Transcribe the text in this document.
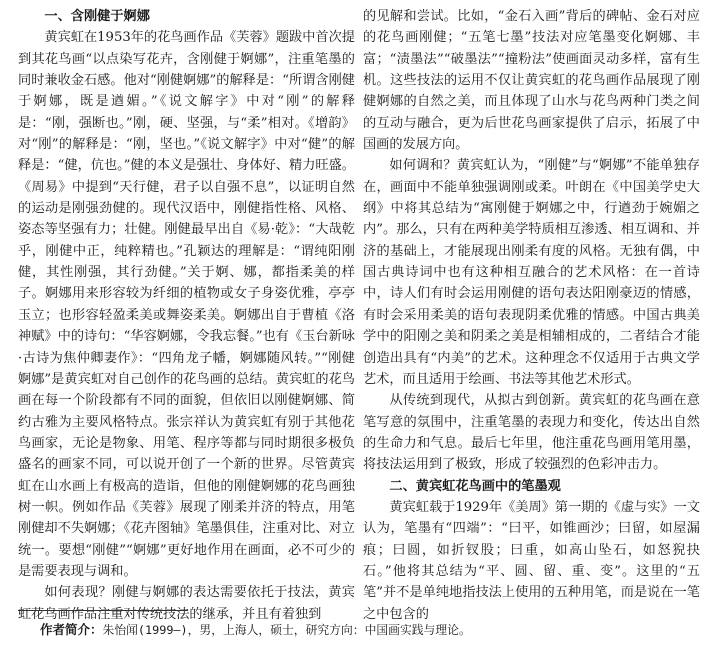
一、含刚健于婀娜

黄宾虹在1953年的花鸟画作品《芙蓉》题跋中首次提到其花鸟画“以点染写花卉，含刚健于婀娜”，注重笔墨的同时兼收金石感。他对“刚健婀娜”的解释是：“所谓含刚健于婀娜，既是遒媚。”《说文解字》中对“刚”的解释是：“刚，强断也。”刚，硬、坚强，与“柔”相对。《增韵》对“刚”的解释是：“刚，坚也。”《说文解字》中对“健”的解释是：“健，伉也。”健的本义是强壮、身体好、精力旺盛。《周易》中提到“天行健，君子以自强不息”，以证明自然的运动是刚强劲健的。现代汉语中，刚健指性格、风格、姿态等坚强有力；壮健。刚健最早出自《易·乾》：“大哉乾乎，刚健中正，纯粹精也。”孔颖达的理解是：“谓纯阳刚健，其性刚强，其行劲健。”关于婀、娜，都指柔美的样子。婀娜用来形容较为纤细的植物或女子身姿优雅，亭亭玉立；也形容轻盈柔美或舞姿柔美。婀娜出自于曹植《洛神赋》中的诗句：“华容婀娜，令我忘餐。”也有《玉台新咏·古诗为焦仲卿妻作》：“四角龙子幡，婀娜随风转。”“刚健婀娜”是黄宾虹对自己创作的花鸟画的总结。黄宾虹的花鸟画在每一个阶段都有不同的面貌，但依旧以刚健婀娜、简约古雅为主要风格特点。张宗祥认为黄宾虹有别于其他花鸟画家，无论是物象、用笔、程序等都与同时期很多极负盛名的画家不同，可以说开创了一个新的世界。尽管黄宾虹在山水画上有极高的造诣，但他的刚健婀娜的花鸟画独树一帜。例如作品《芙蓉》展现了刚柔并济的特点，用笔刚健却不失婀娜；《花卉图轴》笔墨俱佳，注重对比、对立统一。要想“刚健”“婀娜”更好地作用在画面，必不可少的是需要表现与调和。

如何表现？刚健与婀娜的表达需要依托于技法，黄宾虹花鸟画作品注重对传统技法的继承，并且有着独到

的见解和尝试。比如，“金石入画”背后的碑帖、金石对应的花鸟画刚健；“五笔七墨”技法对应笔墨变化婀娜、丰富；“渍墨法”“破墨法”“撞粉法”使画面灵动多样，富有生机。这些技法的运用不仅让黄宾虹的花鸟画作品展现了刚健婀娜的自然之美，而且体现了山水与花鸟两种门类之间的互动与融合，更为后世花鸟画家提供了启示，拓展了中国画的发展方向。

如何调和？黄宾虹认为，“刚健”与“婀娜”不能单独存在，画面中不能单独强调刚或柔。叶朗在《中国美学史大纲》中将其总结为“寓刚健于婀娜之中，行遒劲于婉媚之内”。那么，只有在两种美学特质相互渗透、相互调和、并济的基础上，才能展现出刚柔有度的风格。无独有偶，中国古典诗词中也有这种相互融合的艺术风格：在一首诗中，诗人们有时会运用刚健的语句表达阳刚豪迈的情感，有时会采用柔美的语句表现阴柔优雅的情感。中国古典美学中的阳刚之美和阴柔之美是相辅相成的，二者结合才能创造出具有“内美”的艺术。这种理念不仅适用于古典文学艺术，而且适用于绘画、书法等其他艺术形式。

从传统到现代，从拟古到创新。黄宾虹的花鸟画在意笔写意的氛围中，注重笔墨的表现力和变化，传达出自然的生命力和气息。最后七年里，他注重花鸟画用笔用墨，将技法运用到了极致，形成了较强烈的色彩冲击力。

二、黄宾虹花鸟画中的笔墨观

黄宾虹载于1929年《美周》第一期的《虚与实》一文认为，笔墨有“四端”：“曰平，如锥画沙；曰留，如屋漏痕；曰圆，如折钗股；曰重，如高山坠石，如怒猊抉石。”他将其总结为“平、圆、留、重、变”。这里的“五笔”并不是单纯地指技法上使用的五种用笔，而是说在一笔之中包含的

作者简介：朱怡闻(1999—)，男，上海人，硕士，研究方向：中国画实践与理论。
